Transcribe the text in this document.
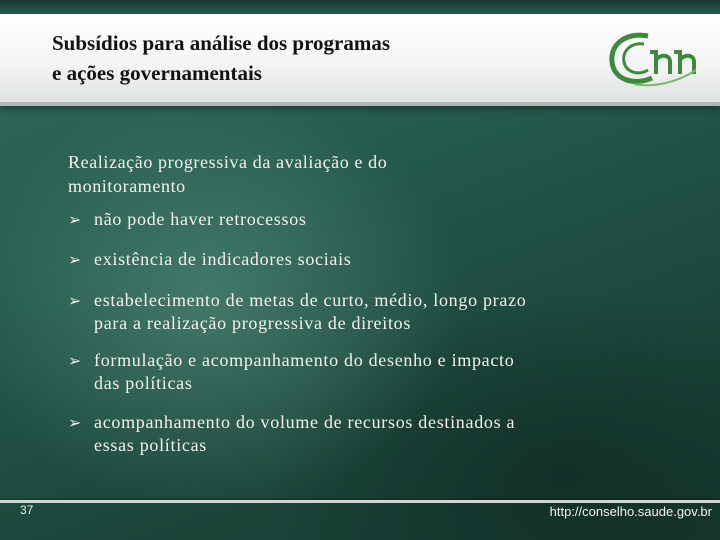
Subsídios para análise dos programas
e ações governamentais

Realização progressiva da avaliação e do
monitoramento

➢ não pode haver retrocessos
➢ existência de indicadores sociais
➢ estabelecimento de metas de curto, médio, longo prazo
para a realização progressiva de direitos
➢ formulação e acompanhamento do desenho e impacto
das políticas
➢ acompanhamento do volume de recursos destinados a
essas políticas
37	http://conselho.saude.gov.br
